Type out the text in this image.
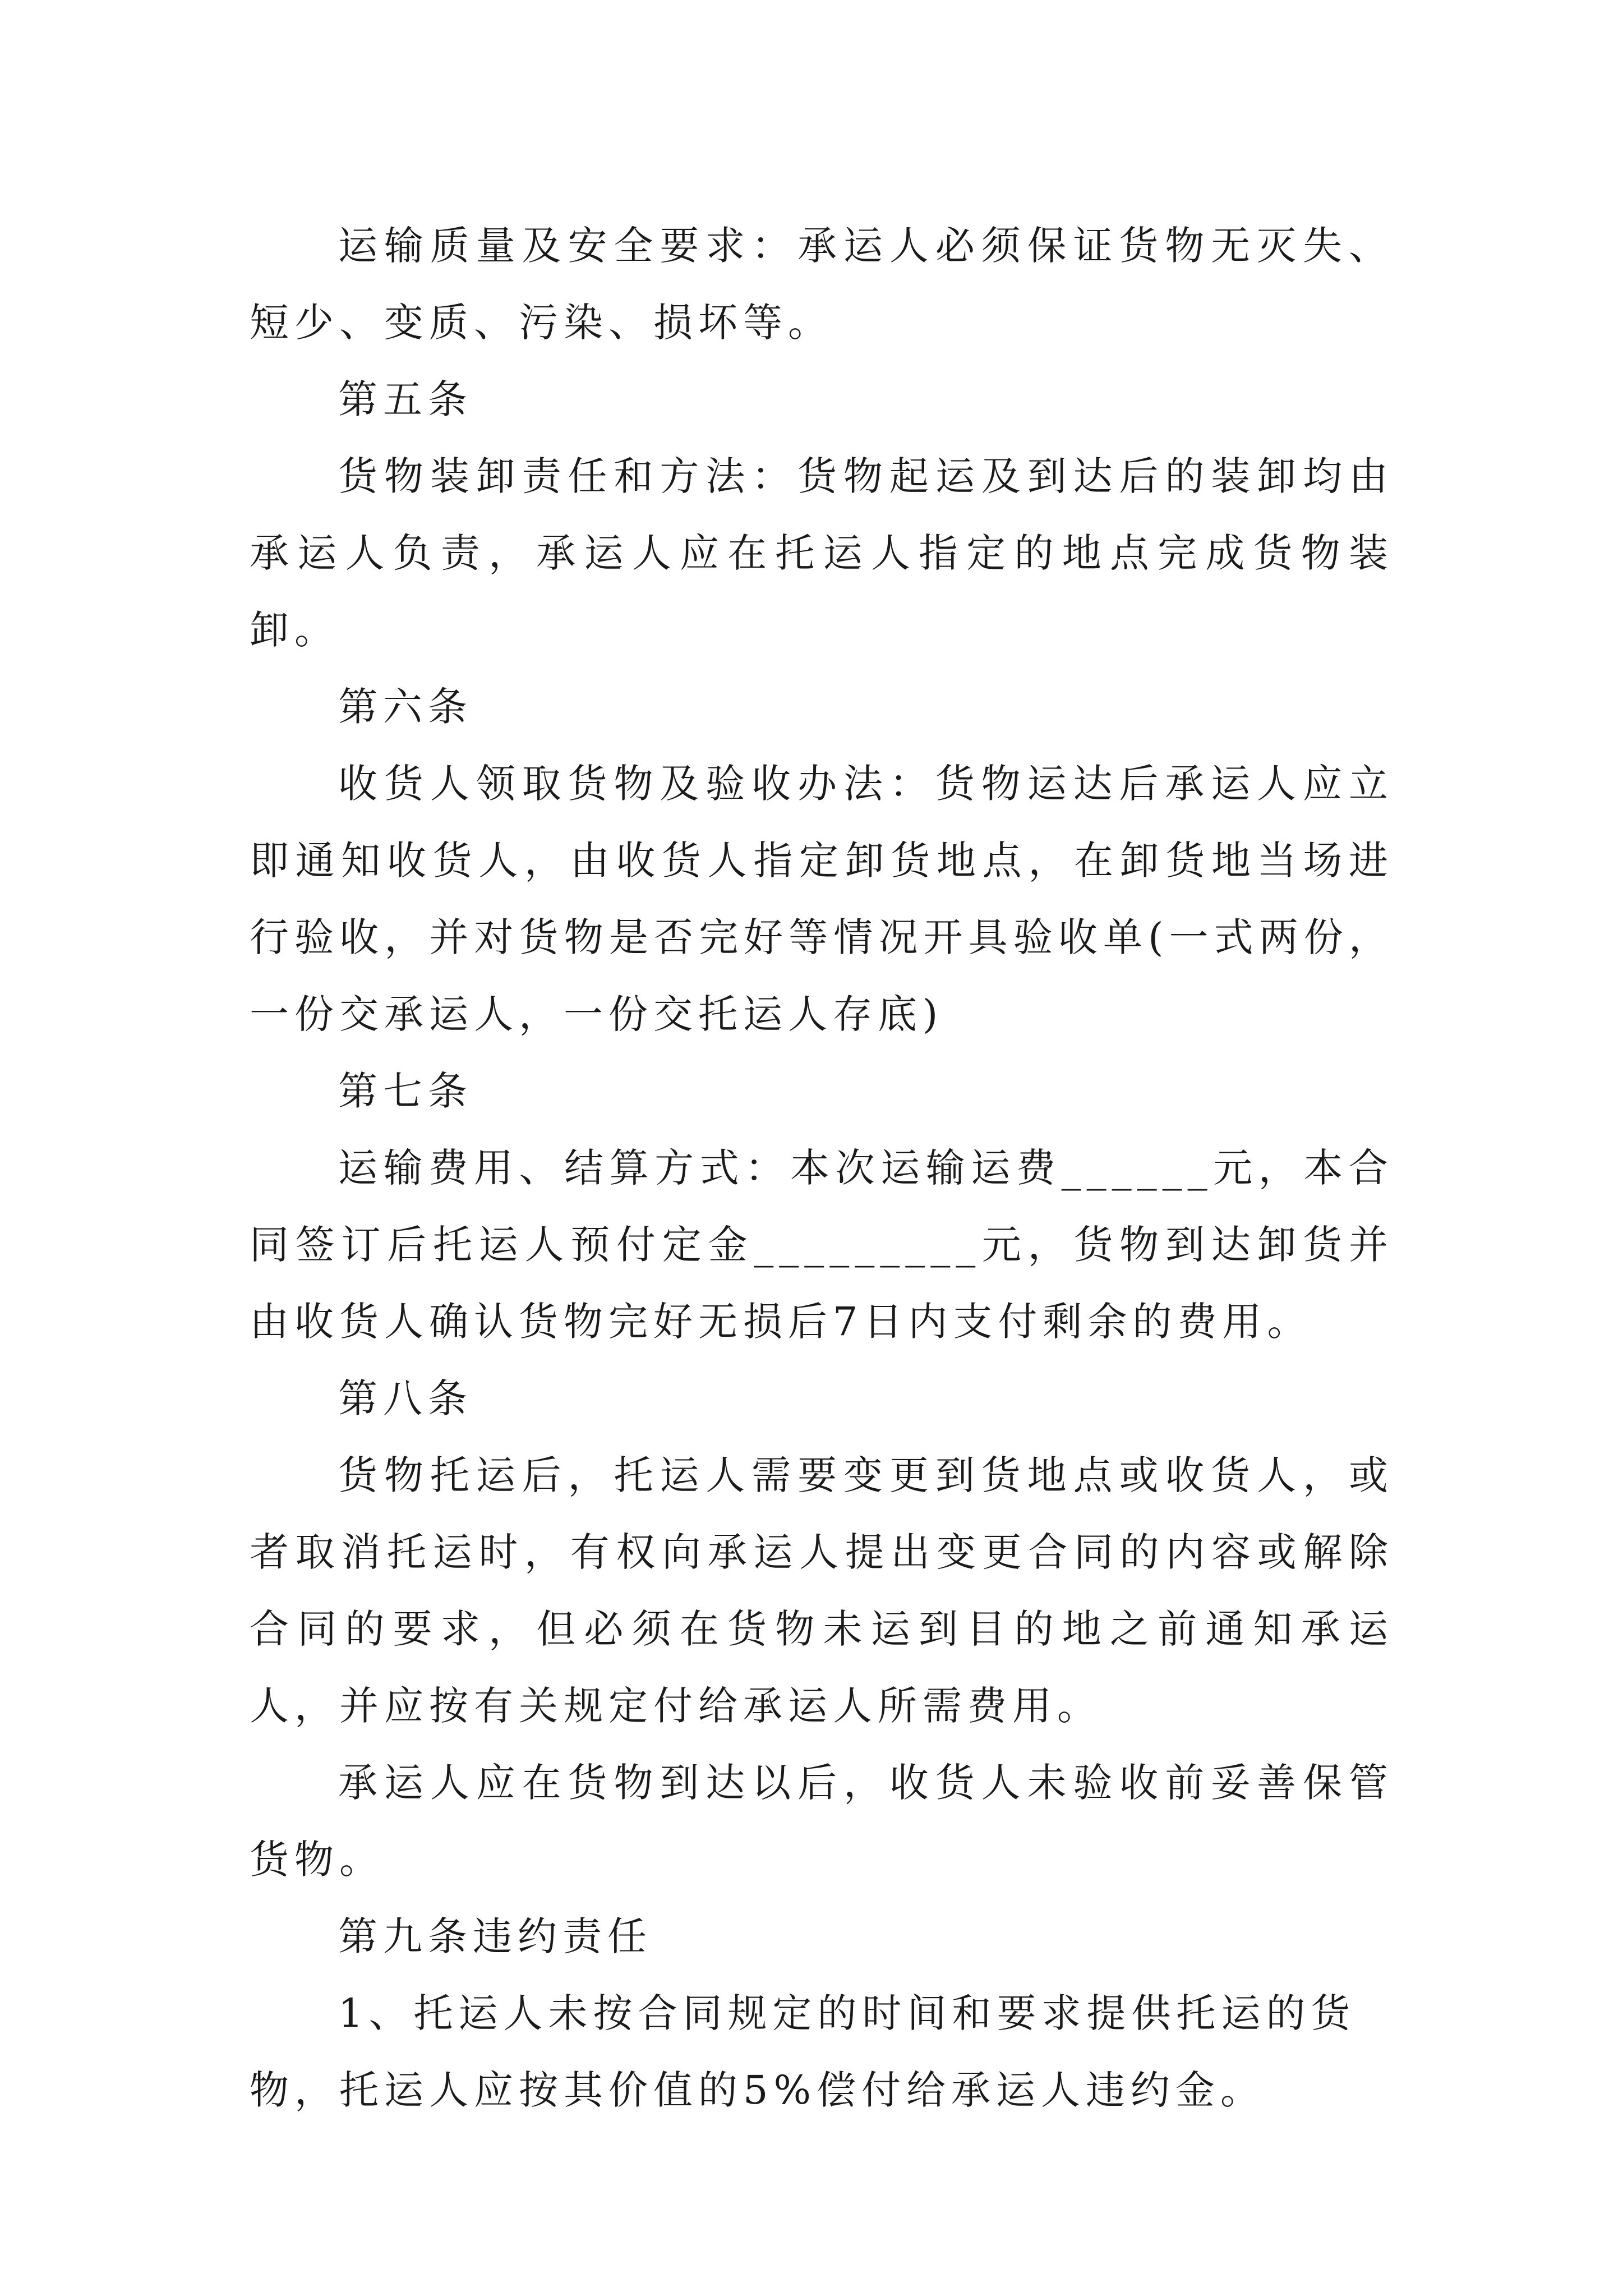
运输质量及安全要求：承运人必须保证货物无灭失、短少、变质、污染、损坏等。

第五条

货物装卸责任和方法：货物起运及到达后的装卸均由承运人负责，承运人应在托运人指定的地点完成货物装卸。

第六条

收货人领取货物及验收办法：货物运达后承运人应立即通知收货人，由收货人指定卸货地点，在卸货地当场进行验收，并对货物是否完好等情况开具验收单(一式两份，一份交承运人，一份交托运人存底)

第七条

运输费用、结算方式：本次运输运费______元，本合同签订后托运人预付定金_________元，货物到达卸货并由收货人确认货物完好无损后7日内支付剩余的费用。

第八条

货物托运后，托运人需要变更到货地点或收货人，或者取消托运时，有权向承运人提出变更合同的内容或解除合同的要求，但必须在货物未运到目的地之前通知承运人，并应按有关规定付给承运人所需费用。

承运人应在货物到达以后，收货人未验收前妥善保管货物。

第九条违约责任

1、托运人未按合同规定的时间和要求提供托运的货物，托运人应按其价值的5%偿付给承运人违约金。
